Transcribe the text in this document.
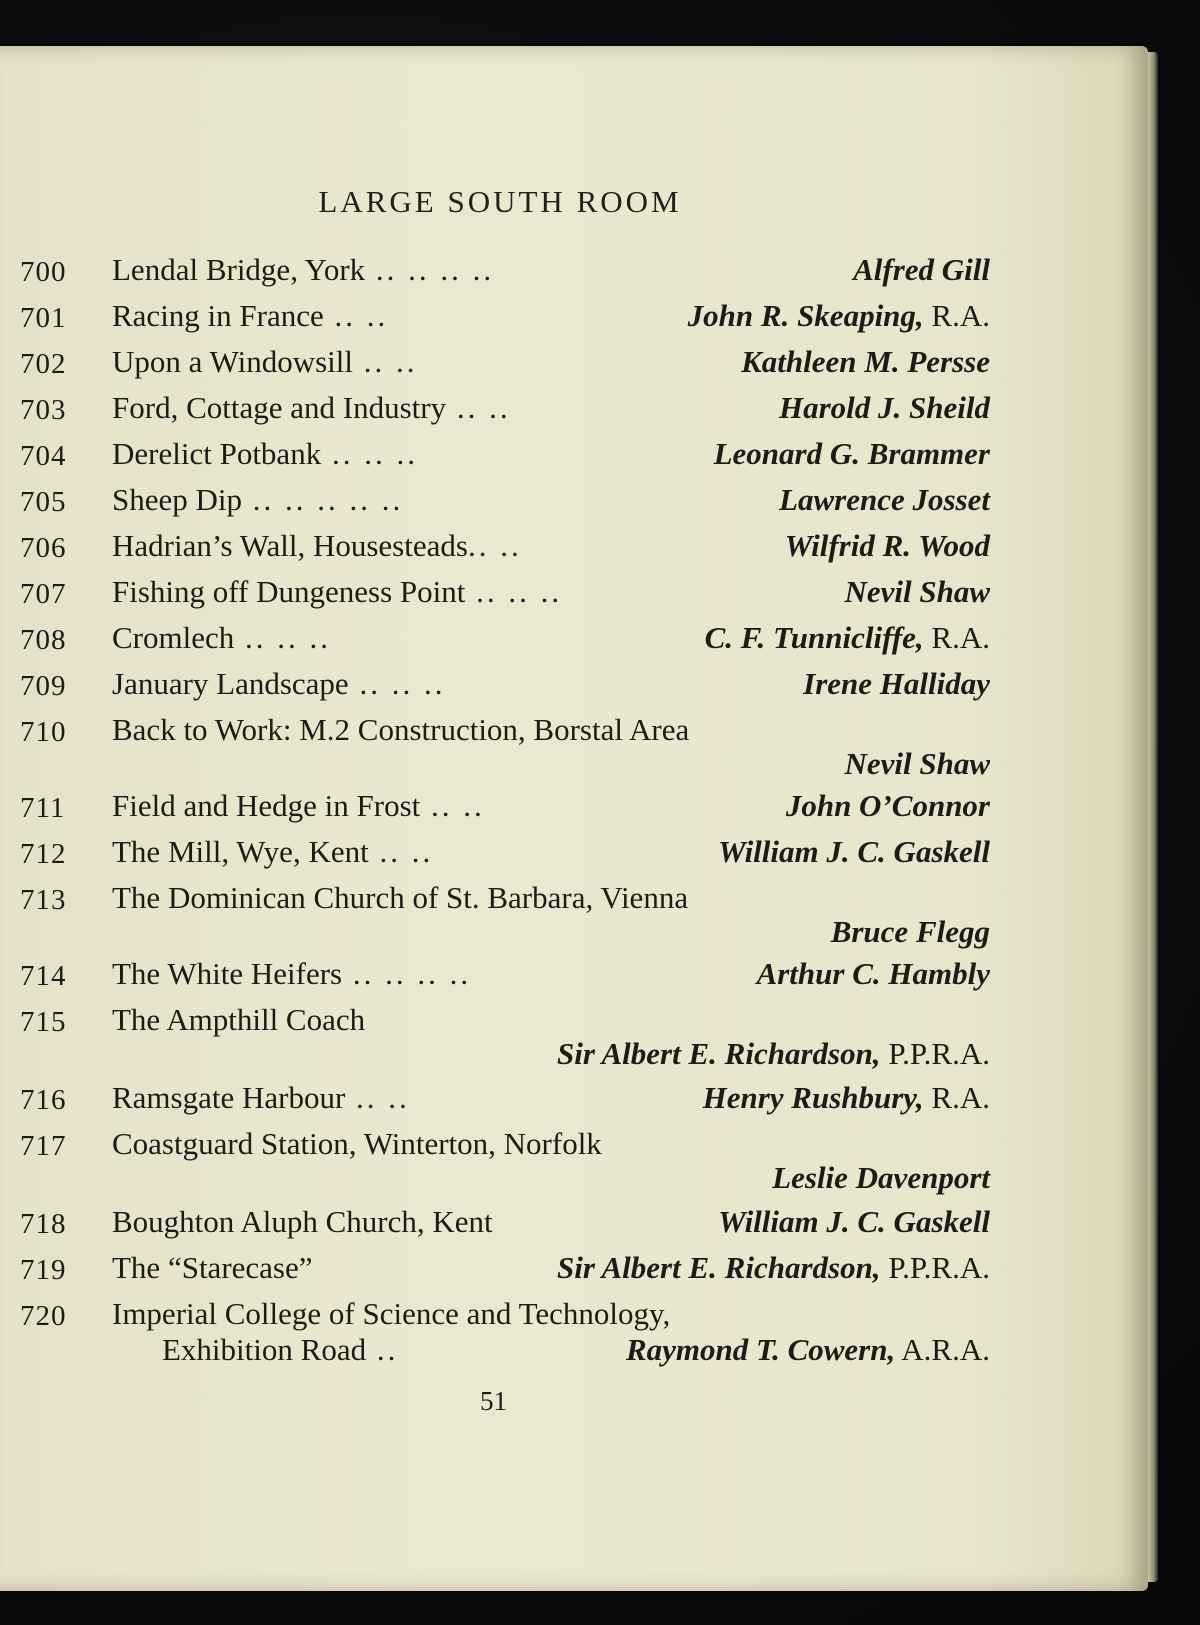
LARGE SOUTH ROOM
700 Lendal Bridge, York .. .. .. ..	Alfred Gill
701 Racing in France .. ..	John R. Skeaping, R.A.
702 Upon a Windowsill .. ..	Kathleen M. Persse
703 Ford, Cottage and Industry .. ..	Harold J. Sheild
704 Derelict Potbank .. .. ..	Leonard G. Brammer
705 Sheep Dip .. .. .. .. ..	Lawrence Josset
706 Hadrian’s Wall, Housesteads.. ..	Wilfrid R. Wood
707 Fishing off Dungeness Point .. .. ..	Nevil Shaw
708 Cromlech .. .. ..	C. F. Tunnicliffe, R.A.
709 January Landscape .. .. ..	Irene Halliday
710 Back to Work: M.2 Construction, Borstal Area
Nevil Shaw
711 Field and Hedge in Frost .. ..	John O’Connor
712 The Mill, Wye, Kent .. ..	William J. C. Gaskell
713 The Dominican Church of St. Barbara, Vienna
Bruce Flegg
714 The White Heifers .. .. .. ..	Arthur C. Hambly
715 The Ampthill Coach
Sir Albert E. Richardson, P.P.R.A.
716 Ramsgate Harbour .. ..	Henry Rushbury, R.A.
717 Coastguard Station, Winterton, Norfolk
Leslie Davenport
718 Boughton Aluph Church, Kent	William J. C. Gaskell
719 The “Starecase”	Sir Albert E. Richardson, P.P.R.A.
720 Imperial College of Science and Technology,
Exhibition Road ..	Raymond T. Cowern, A.R.A.
51
